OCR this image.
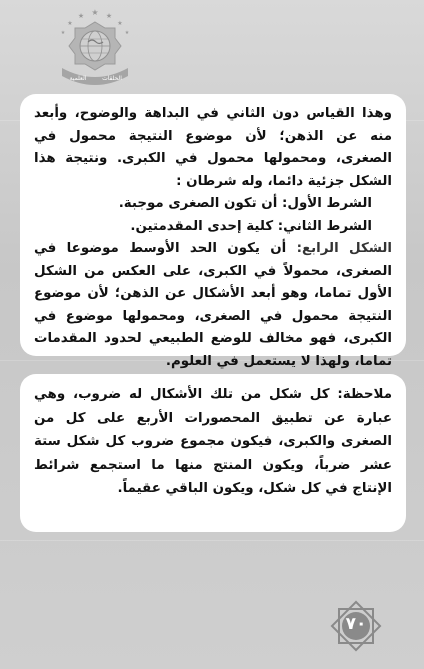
★
★	★
★	★
★	★
العلمية	الحلقات

وهذا القياس دون الثاني في البداهة والوضوح، وأبعد منه عن الذهن؛ لأن موضوع النتيجة محمول في الصغرى، ومحمولها محمول في الكبرى. ونتيجة هذا الشكل جزئية دائما، وله شرطان :

الشرط الأول: أن تكون الصغرى موجبة.

الشرط الثاني: كلية إحدى المقدمتين.

الشكل الرابع: أن يكون الحد الأوسط موضوعا في الصغرى، محمولاً في الكبرى، على العكس من الشكل الأول تماما، وهو أبعد الأشكال عن الذهن؛ لأن موضوع النتيجة محمول في الصغرى، ومحمولها موضوع في الكبرى، فهو مخالف للوضع الطبيعي لحدود المقدمات تماما، ولهذا لا يستعمل في العلوم.

ملاحظة: كل شكل من تلك الأشكال له ضروب، وهي عبارة عن تطبيق المحصورات الأربع على كل من الصغرى والكبرى، فيكون مجموع ضروب كل شكل ستة عشر ضرباً، ويكون المنتج منها ما استجمع شرائط الإنتاج في كل شكل، ويكون الباقي عقيماً.

٧٠
